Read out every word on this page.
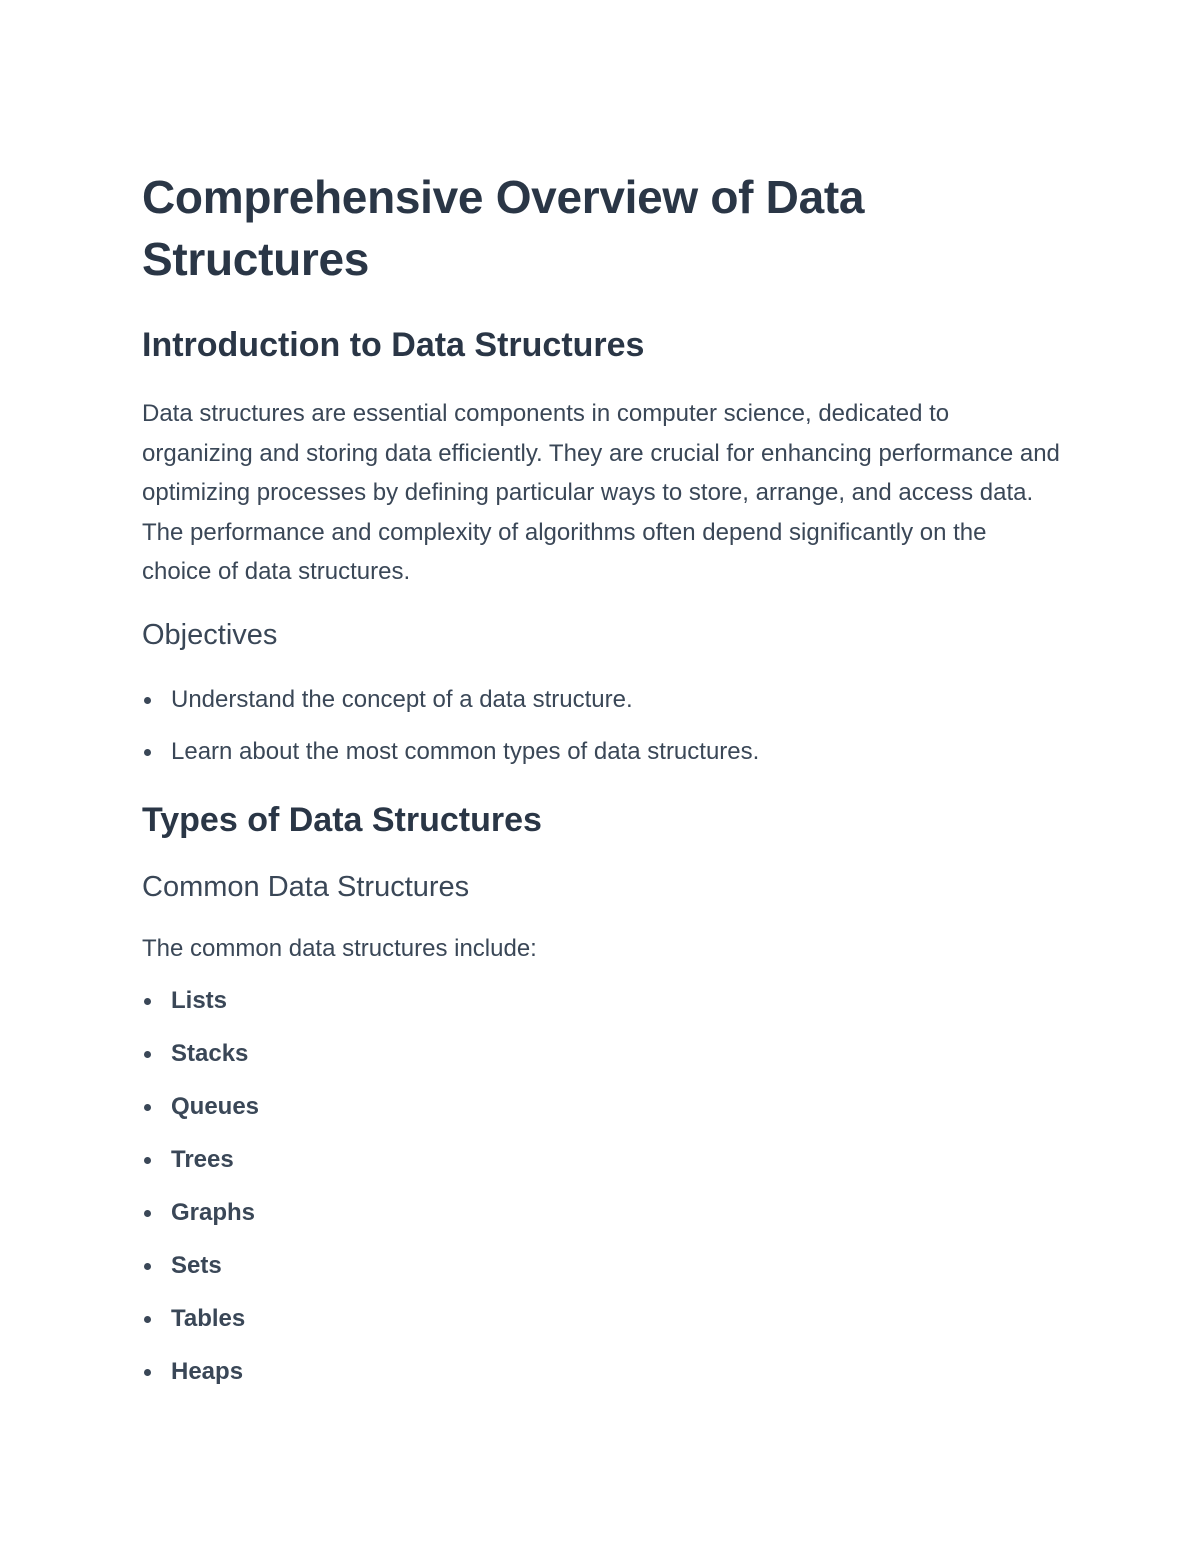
Comprehensive Overview of Data Structures
Introduction to Data Structures

Data structures are essential components in computer science, dedicated to organizing and storing data efficiently. They are crucial for enhancing performance and optimizing processes by defining particular ways to store, arrange, and access data. The performance and complexity of algorithms often depend significantly on the choice of data structures.

Objectives
Understand the concept of a data structure.
Learn about the most common types of data structures.
Types of Data Structures
Common Data Structures

The common data structures include:

Lists
Stacks
Queues
Trees
Graphs
Sets
Tables
Heaps
